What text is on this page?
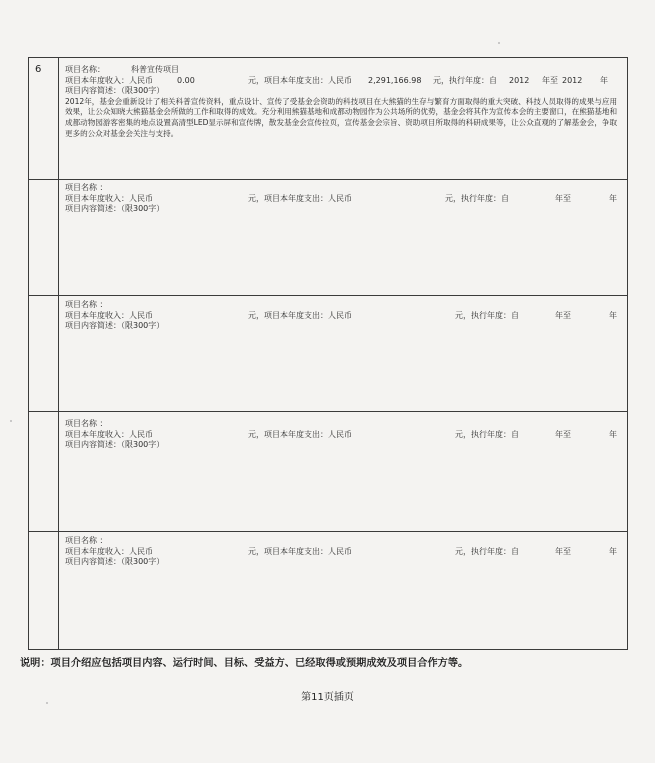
6	项目名称：	科普宣传项目
项目本年度收入：人民币	0.00	元，项目本年度支出：人民币 2,291,166.98 元，执行年度：自 2012 年至 2012 年
项目内容简述：（限300字）
2012年，基金会重新设计了相关科普宣传资料，重点设计、宣传了受基金会资助的科技项目在大熊猫的生存与繁育方面取得的重大突破、科技人员取得的成果与应用效果，让公众知晓大熊猫基金会所做的工作和取得的成效。充分利用熊猫基地和成都动物园作为公共场所的优势，基金会将其作为宣传本会的主要窗口，在熊猫基地和成都动物园游客密集的地点设置高清型LED显示屏和宣传牌，散发基金会宣传拉页，宣传基金会宗旨、资助项目所取得的科研成果等，让公众直观的了解基金会，争取更多的公众对基金会关注与支持。
项目名称 ：
项目本年度收入：人民币	元，项目本年度支出：人民币	元，执行年度：自	年至	年
项目内容简述：（限300字）
项目名称 ：
项目本年度收入：人民币	元，项目本年度支出：人民币	元，执行年度：自	年至	年
项目内容简述：（限300字）
项目名称 ：
项目本年度收入：人民币	元，项目本年度支出：人民币	元，执行年度：自	年至	年
项目内容简述：（限300字）
项目名称 ：
项目本年度收入：人民币	元，项目本年度支出：人民币	元，执行年度：自	年至	年
项目内容简述：（限300字）
说明：项目介绍应包括项目内容、运行时间、目标、受益方、已经取得或预期成效及项目合作方等。
第11页插页
